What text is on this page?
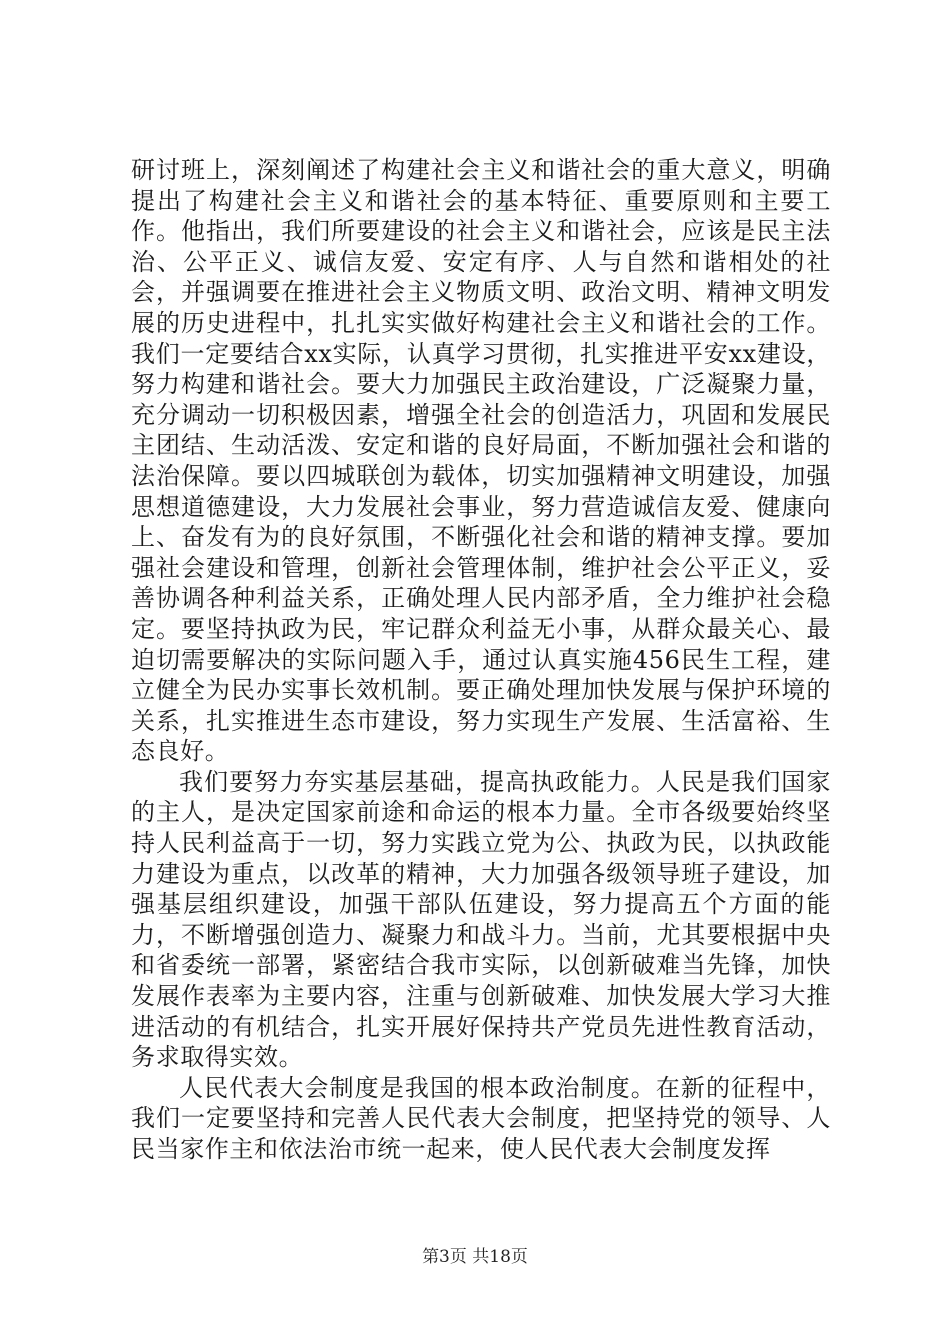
研讨班上，深刻阐述了构建社会主义和谐社会的重大意义，明确提出了构建社会主义和谐社会的基本特征、重要原则和主要工作。他指出，我们所要建设的社会主义和谐社会，应该是民主法治、公平正义、诚信友爱、安定有序、人与自然和谐相处的社会，并强调要在推进社会主义物质文明、政治文明、精神文明发展的历史进程中，扎扎实实做好构建社会主义和谐社会的工作。我们一定要结合xx实际，认真学习贯彻，扎实推进平安xx建设，努力构建和谐社会。要大力加强民主政治建设，广泛凝聚力量，充分调动一切积极因素，增强全社会的创造活力，巩固和发展民主团结、生动活泼、安定和谐的良好局面，不断加强社会和谐的法治保障。要以四城联创为载体，切实加强精神文明建设，加强思想道德建设，大力发展社会事业，努力营造诚信友爱、健康向上、奋发有为的良好氛围，不断强化社会和谐的精神支撑。要加强社会建设和管理，创新社会管理体制，维护社会公平正义，妥善协调各种利益关系，正确处理人民内部矛盾，全力维护社会稳定。要坚持执政为民，牢记群众利益无小事，从群众最关心、最迫切需要解决的实际问题入手，通过认真实施456民生工程，建立健全为民办实事长效机制。要正确处理加快发展与保护环境的关系，扎实推进生态市建设，努力实现生产发展、生活富裕、生态良好。

我们要努力夯实基层基础，提高执政能力。人民是我们国家的主人，是决定国家前途和命运的根本力量。全市各级要始终坚持人民利益高于一切，努力实践立党为公、执政为民，以执政能力建设为重点，以改革的精神，大力加强各级领导班子建设，加强基层组织建设，加强干部队伍建设，努力提高五个方面的能力，不断增强创造力、凝聚力和战斗力。当前，尤其要根据中央和省委统一部署，紧密结合我市实际，以创新破难当先锋，加快发展作表率为主要内容，注重与创新破难、加快发展大学习大推进活动的有机结合，扎实开展好保持共产党员先进性教育活动，务求取得实效。

人民代表大会制度是我国的根本政治制度。在新的征程中，我们一定要坚持和完善人民代表大会制度，把坚持党的领导、人民当家作主和依法治市统一起来，使人民代表大会制度发挥

第3页 共18页
